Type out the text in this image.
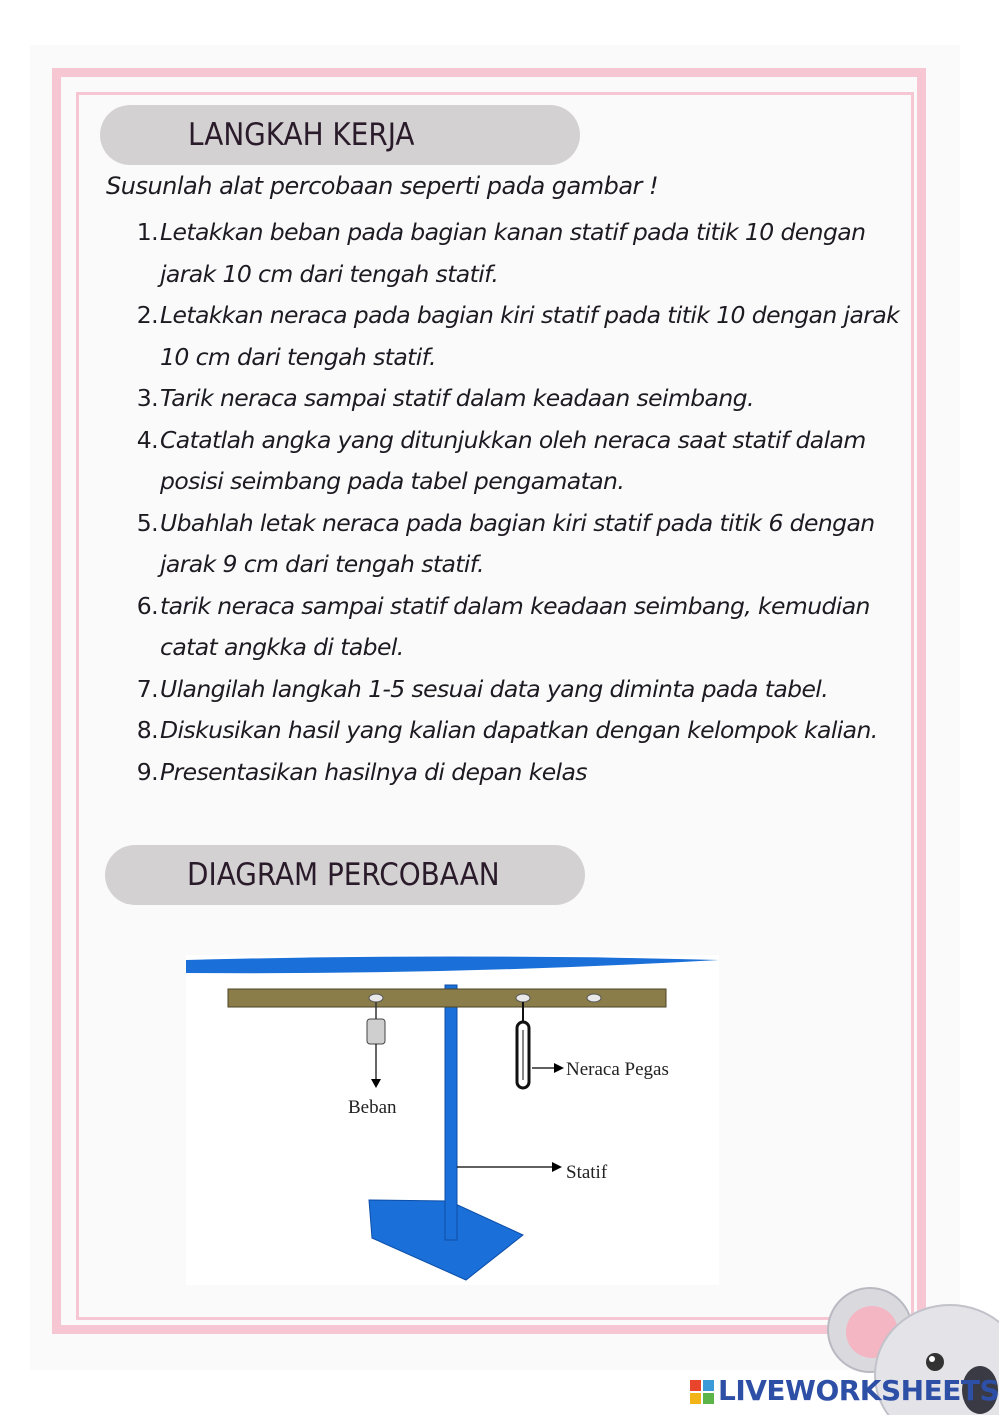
LANGKAH KERJA
Susunlah alat percobaan seperti pada gambar !
1. Letakkan beban pada bagian kanan statif pada titik 10 dengan jarak 10 cm dari tengah statif.
2. Letakkan neraca pada bagian kiri statif pada titik 10 dengan jarak 10 cm dari tengah statif.
3. Tarik neraca sampai statif dalam keadaan seimbang.
4. Catatlah angka yang ditunjukkan oleh neraca saat statif dalam posisi seimbang pada tabel pengamatan.
5. Ubahlah letak neraca pada bagian kiri statif pada titik 6 dengan jarak 9 cm dari tengah statif.
6. tarik neraca sampai statif dalam keadaan seimbang, kemudian catat angkka di tabel.
7. Ulangilah langkah 1-5 sesuai data yang diminta pada tabel.
8. Diskusikan hasil yang kalian dapatkan dengan kelompok kalian.
9. Presentasikan hasilnya di depan kelas
DIAGRAM PERCOBAAN
Beban
Neraca Pegas
Statif
LIVEWORKSHEETS
